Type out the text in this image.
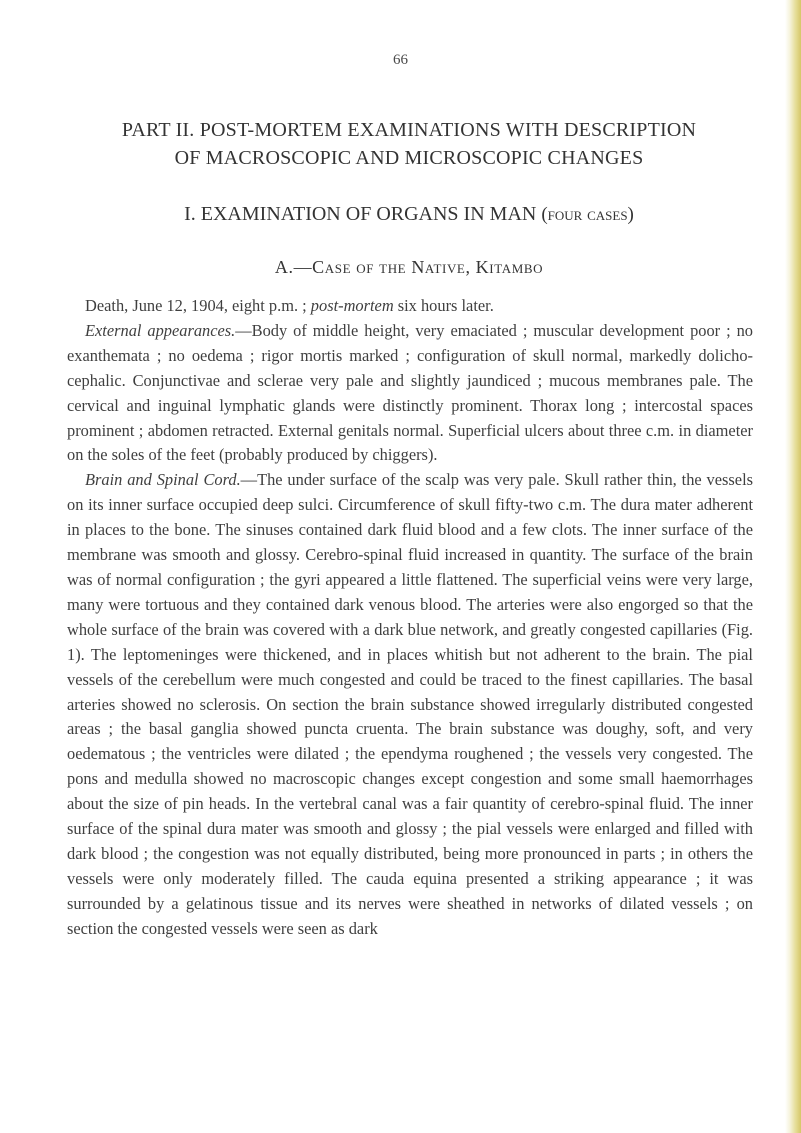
66
PART II. POST-MORTEM EXAMINATIONS WITH DESCRIPTION
OF MACROSCOPIC AND MICROSCOPIC CHANGES
I. EXAMINATION OF ORGANS IN MAN (four cases)
A.—Case of the Native, Kitambo

Death, June 12, 1904, eight p.m. ; post-mortem six hours later.

External appearances.—Body of middle height, very emaciated ; muscular development poor ; no exanthemata ; no oedema ; rigor mortis marked ; configuration of skull normal, markedly dolicho-cephalic. Conjunctivae and sclerae very pale and slightly jaundiced ; mucous membranes pale. The cervical and inguinal lymphatic glands were distinctly prominent. Thorax long ; intercostal spaces prominent ; abdomen retracted. External genitals normal. Superficial ulcers about three c.m. in diameter on the soles of the feet (probably produced by chiggers).

Brain and Spinal Cord.—The under surface of the scalp was very pale. Skull rather thin, the vessels on its inner surface occupied deep sulci. Circumference of skull fifty-two c.m. The dura mater adherent in places to the bone. The sinuses contained dark fluid blood and a few clots. The inner surface of the membrane was smooth and glossy. Cerebro-spinal fluid increased in quantity. The surface of the brain was of normal configuration ; the gyri appeared a little flattened. The superficial veins were very large, many were tortuous and they contained dark venous blood. The arteries were also engorged so that the whole surface of the brain was covered with a dark blue network, and greatly congested capillaries (Fig. 1). The leptomeninges were thickened, and in places whitish but not adherent to the brain. The pial vessels of the cerebellum were much congested and could be traced to the finest capillaries. The basal arteries showed no sclerosis. On section the brain substance showed irregularly distributed congested areas ; the basal ganglia showed puncta cruenta. The brain substance was doughy, soft, and very oedematous ; the ventricles were dilated ; the ependyma roughened ; the vessels very congested. The pons and medulla showed no macroscopic changes except congestion and some small haemorrhages about the size of pin heads. In the vertebral canal was a fair quantity of cerebro-spinal fluid. The inner surface of the spinal dura mater was smooth and glossy ; the pial vessels were enlarged and filled with dark blood ; the congestion was not equally distributed, being more pronounced in parts ; in others the vessels were only moderately filled. The cauda equina presented a striking appearance ; it was surrounded by a gelatinous tissue and its nerves were sheathed in networks of dilated vessels ; on section the congested vessels were seen as dark
